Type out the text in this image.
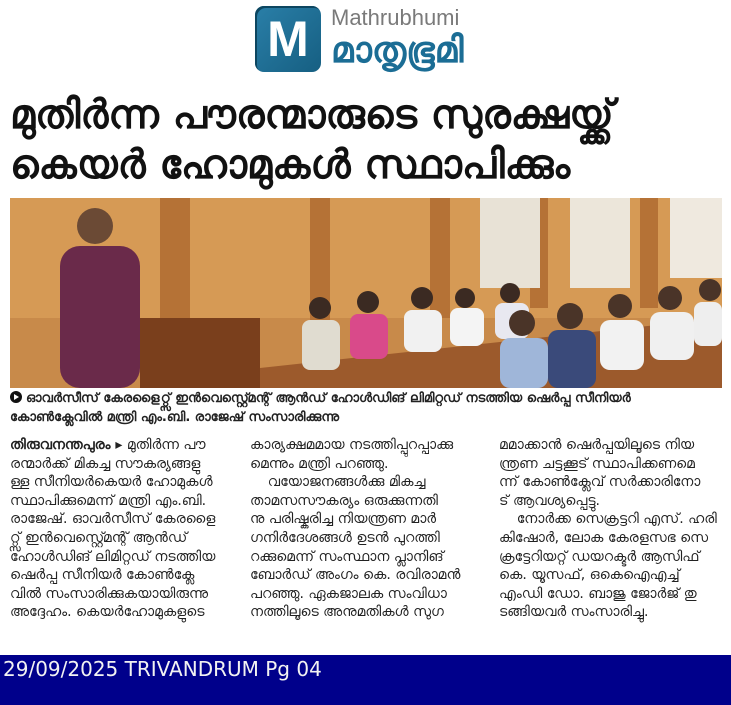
M	Mathrubhumi
മാതൃഭൂമി
മുതിർന്ന പൗരന്മാരുടെ സുരക്ഷയ്ക്ക്
കെയർ ഹോമുകൾ സ്ഥാപിക്കും
ഓവർസീസ് കേരളൈറ്റ്സ് ഇൻവെസ്റ്റ്മെന്റ് ആൻഡ് ഹോൾഡിങ് ലിമിറ്റഡ് നടത്തിയ ഷെർപ്പ സീനിയർ
കോൺക്ലേവിൽ മന്ത്രി എം.ബി. രാജേഷ് സംസാരിക്കുന്നു
തിരുവനന്തപുരം ▸ മുതിർന്ന പൗ
രന്മാർക്ക് മികച്ച സൗകര്യങ്ങളു
ള്ള സീനിയർകെയർ ഹോമുകൾ
സ്ഥാപിക്കുമെന്ന് മന്ത്രി എം.ബി.
രാജേഷ്. ഓവർസീസ് കേരളൈ
റ്റ്സ് ഇൻവെസ്റ്റ്മെന്റ് ആൻഡ്
ഹോൾഡിങ് ലിമിറ്റഡ് നടത്തിയ
ഷെർപ്പ സീനിയർ കോൺക്ലേ
വിൽ സംസാരിക്കുകയായിരുന്നു
അദ്ദേഹം. കെയർഹോമുകളുടെ
കാര്യക്ഷമമായ നടത്തിപ്പുറപ്പാക്കു
മെന്നും മന്ത്രി പറഞ്ഞു.
വയോജനങ്ങൾക്കു മികച്ച
താമസസൗകര്യം ഒരുക്കുന്നതി
നു പരിഷ്കരിച്ച നിയന്ത്രണ മാർ
ഗനിർദേശങ്ങൾ ഉടൻ പുറത്തി
റക്കുമെന്ന് സംസ്ഥാന പ്ലാനിങ്
ബോർഡ് അംഗം കെ. രവിരാമൻ
പറഞ്ഞു. ഏകജാലക സംവിധാ
നത്തിലൂടെ അനുമതികൾ സുഗ
മമാക്കാൻ ഷെർപ്പയിലൂടെ നിയ
ന്ത്രണ ചട്ടക്കൂട് സ്ഥാപിക്കണമെ
ന്ന് കോൺക്ലേവ് സർക്കാരിനോ
ട് ആവശ്യപ്പെട്ടു.
നോർക്ക സെക്രട്ടറി എസ്. ഹരി
കിഷോർ, ലോക കേരളസഭ സെ
ക്രട്ടേറിയറ്റ് ഡയറക്ടർ ആസിഫ്
കെ. യൂസഫ്, ഒകെഐഎച്ച്
എംഡി ഡോ. ബാജു ജോർജ് തു
ടങ്ങിയവർ സംസാരിച്ചു.
29/09/2025 TRIVANDRUM Pg 04
